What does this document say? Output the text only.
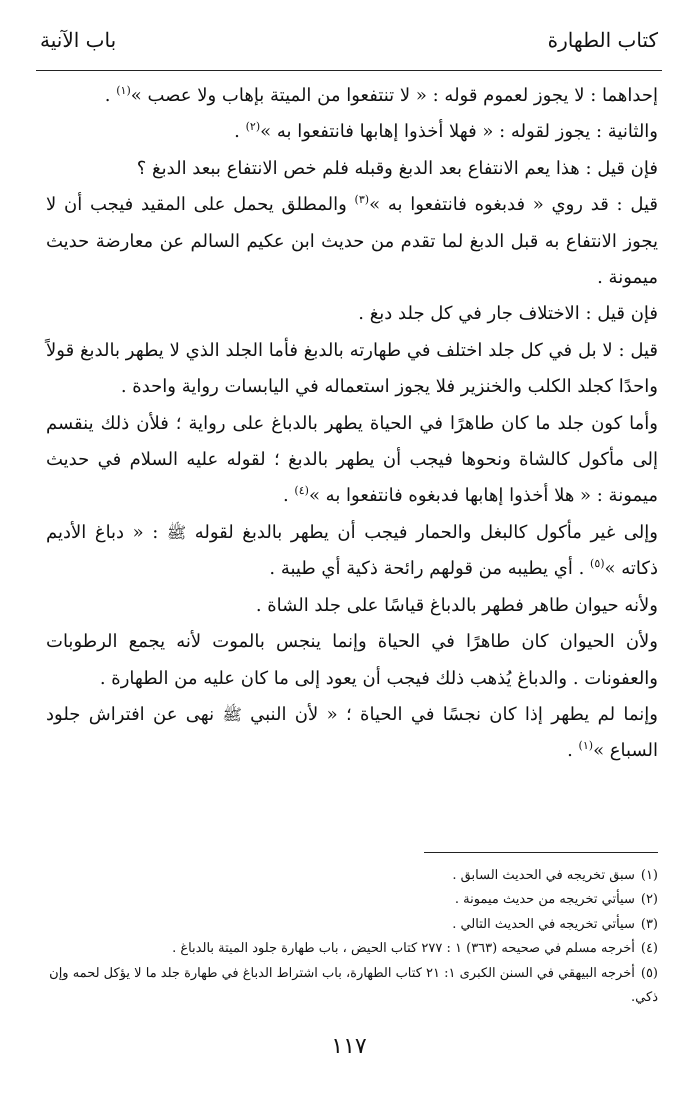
كتاب الطهارة
باب الآنية

إحداهما : لا يجوز لعموم قوله : « لا تنتفعوا من الميتة بإهاب ولا عصب »$^{(١)}$ .

والثانية : يجوز لقوله : « فهلا أخذوا إهابها فانتفعوا به »$^{(٢)}$ .

فإن قيل : هذا يعم الانتفاع بعد الدبغ وقبله فلم خص الانتفاع ببعد الدبغ ؟

قيل : قد روي « فدبغوه فانتفعوا به »$^{(٣)}$ والمطلق يحمل على المقيد فيجب أن لا يجوز الانتفاع به قبل الدبغ لما تقدم من حديث ابن عكيم السالم عن معارضة حديث ميمونة .

فإن قيل : الاختلاف جار في كل جلد دبغ .

قيل : لا بل في كل جلد اختلف في طهارته بالدبغ فأما الجلد الذي لا يطهر بالدبغ قولاً واحدًا كجلد الكلب والخنزير فلا يجوز استعماله في اليابسات رواية واحدة .

وأما كون جلد ما كان طاهرًا في الحياة يطهر بالدباغ على رواية ؛ فلأن ذلك ينقسم إلى مأكول كالشاة ونحوها فيجب أن يطهر بالدبغ ؛ لقوله عليه السلام في حديث ميمونة : « هلا أخذوا إهابها فدبغوه فانتفعوا به »$^{(٤)}$ .

وإلى غير مأكول كالبغل والحمار فيجب أن يطهر بالدبغ لقوله ﷺ : « دباغ الأديم ذكاته »$^{(٥)}$ . أي يطيبه من قولهم رائحة ذكية أي طيبة .

ولأنه حيوان طاهر فطهر بالدباغ قياسًا على جلد الشاة .

ولأن الحيوان كان طاهرًا في الحياة وإنما ينجس بالموت لأنه يجمع الرطوبات والعفونات . والدباغ يُذهب ذلك فيجب أن يعود إلى ما كان عليه من الطهارة .

وإنما لم يطهر إذا كان نجسًا في الحياة ؛ « لأن النبي ﷺ نهى عن افتراش جلود السباع »$^{(١)}$ .

(١)سبق تخريجه في الحديث السابق .

(٢)سيأتي تخريجه من حديث ميمونة .

(٣)سيأتي تخريجه في الحديث التالي .

(٤)أخرجه مسلم في صحيحه (٣٦٣) ١ : ٢٧٧ كتاب الحيض ، باب طهارة جلود الميتة بالدباغ .

(٥)أخرجه البيهقي في السنن الكبرى ١: ٢١ كتاب الطهارة، باب اشتراط الدباغ في طهارة جلد ما لا يؤكل لحمه وإن ذكي.

١١٧
